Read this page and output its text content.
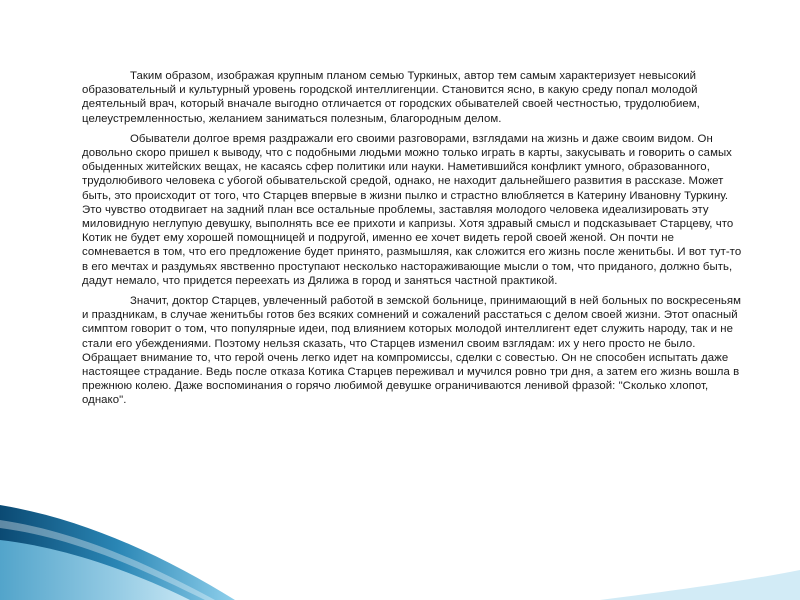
Таким образом, изображая крупным планом семью Туркиных, автор тем самым характеризует невысокий образовательный и культурный уровень городской интеллигенции. Становится ясно, в какую среду попал молодой деятельный врач, который вначале выгодно отличается от городских обывателей своей честностью, трудолюбием, целеустремленностью, желанием заниматься полезным, благородным делом.

Обыватели долгое время раздражали его своими разговорами, взглядами на жизнь и даже своим видом. Он довольно скоро пришел к выводу, что с подобными людьми можно только играть в карты, закусывать и говорить о самых обыденных житейских вещах, не касаясь сфер политики или науки. Наметившийся конфликт умного, образованного, трудолюбивого человека с убогой обывательской средой, однако, не находит дальнейшего развития в рассказе. Может быть, это происходит от того, что Старцев впервые в жизни пылко и страстно влюбляется в Катерину Ивановну Туркину. Это чувство отодвигает на задний план все остальные проблемы, заставляя молодого человека идеализировать эту миловидную неглупую девушку, выполнять все ее прихоти и капризы. Хотя здравый смысл и подсказывает Старцеву, что Котик не будет ему хорошей помощницей и подругой, именно ее хочет видеть герой своей женой. Он почти не сомневается в том, что его предложение будет принято, размышляя, как сложится его жизнь после женитьбы. И вот тут-то в его мечтах и раздумьях явственно проступают несколько настораживающие мысли о том, что приданого, должно быть, дадут немало, что придется переехать из Дялижа в город и заняться частной практикой.

Значит, доктор Старцев, увлеченный работой в земской больнице, принимающий в ней больных по воскресеньям и праздникам, в случае женитьбы готов без всяких сомнений и сожалений расстаться с делом своей жизни. Этот опасный симптом говорит о том, что популярные идеи, под влиянием которых молодой интеллигент едет служить народу, так и не стали его убеждениями. Поэтому нельзя сказать, что Старцев изменил своим взглядам: их у него просто не было. Обращает внимание то, что герой очень легко идет на компромиссы, сделки с совестью. Он не способен испытать даже настоящее страдание. Ведь после отказа Котика Старцев переживал и мучился ровно три дня, а затем его жизнь вошла в прежнюю колею. Даже воспоминания о горячо любимой девушке ограничиваются ленивой фразой: "Сколько хлопот, однако".
